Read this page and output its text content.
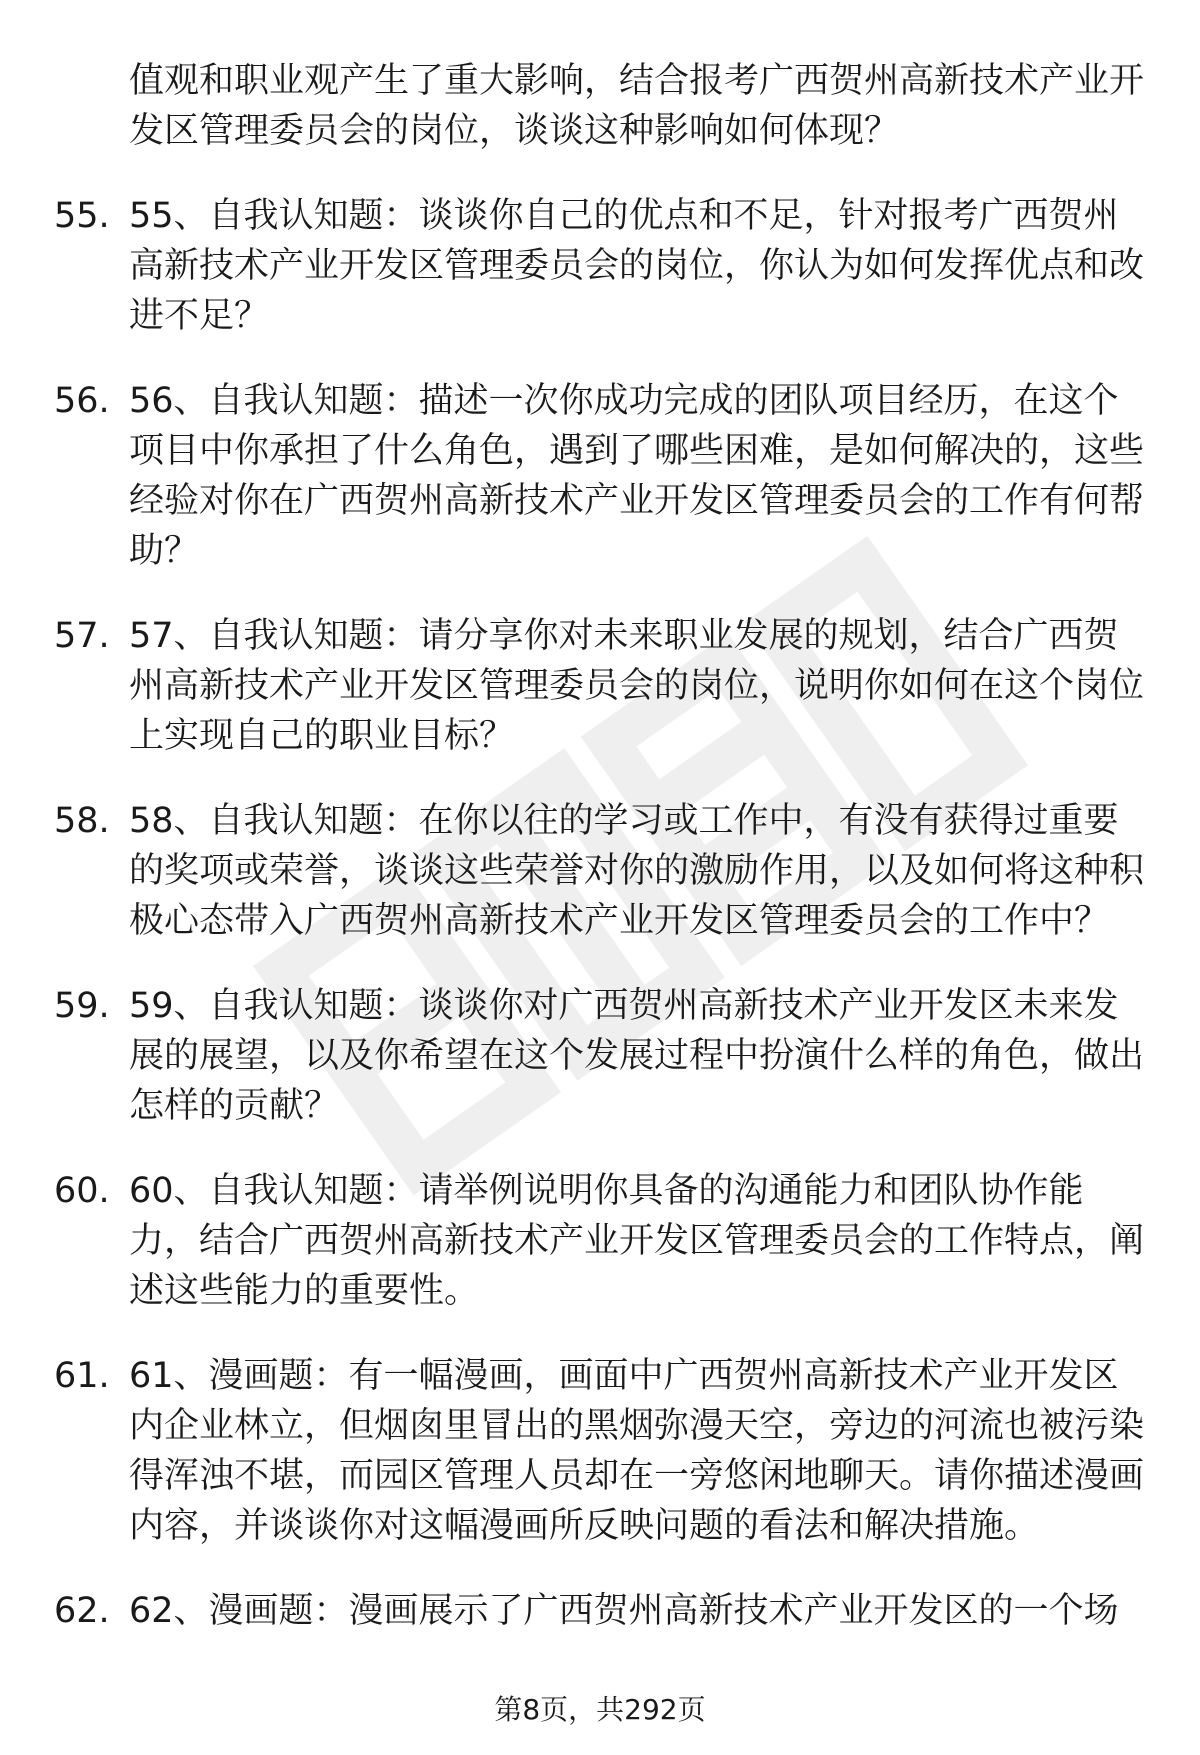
值观和职业观产生了重大影响，结合报考广西贺州高新技术产业开发区管理委员会的岗位，谈谈这种影响如何体现？

55. 55、自我认知题：谈谈你自己的优点和不足，针对报考广西贺州高新技术产业开发区管理委员会的岗位，你认为如何发挥优点和改进不足？
56. 56、自我认知题：描述一次你成功完成的团队项目经历，在这个项目中你承担了什么角色，遇到了哪些困难，是如何解决的，这些经验对你在广西贺州高新技术产业开发区管理委员会的工作有何帮助？
57. 57、自我认知题：请分享你对未来职业发展的规划，结合广西贺州高新技术产业开发区管理委员会的岗位，说明你如何在这个岗位上实现自己的职业目标？
58. 58、自我认知题：在你以往的学习或工作中，有没有获得过重要的奖项或荣誉，谈谈这些荣誉对你的激励作用，以及如何将这种积极心态带入广西贺州高新技术产业开发区管理委员会的工作中？
59. 59、自我认知题：谈谈你对广西贺州高新技术产业开发区未来发展的展望，以及你希望在这个发展过程中扮演什么样的角色，做出怎样的贡献？
60. 60、自我认知题：请举例说明你具备的沟通能力和团队协作能力，结合广西贺州高新技术产业开发区管理委员会的工作特点，阐述这些能力的重要性。
61. 61、漫画题：有一幅漫画，画面中广西贺州高新技术产业开发区内企业林立，但烟囱里冒出的黑烟弥漫天空，旁边的河流也被污染得浑浊不堪，而园区管理人员却在一旁悠闲地聊天。请你描述漫画内容，并谈谈你对这幅漫画所反映问题的看法和解决措施。
62. 62、漫画题：漫画展示了广西贺州高新技术产业开发区的一个场
第8页，共292页
